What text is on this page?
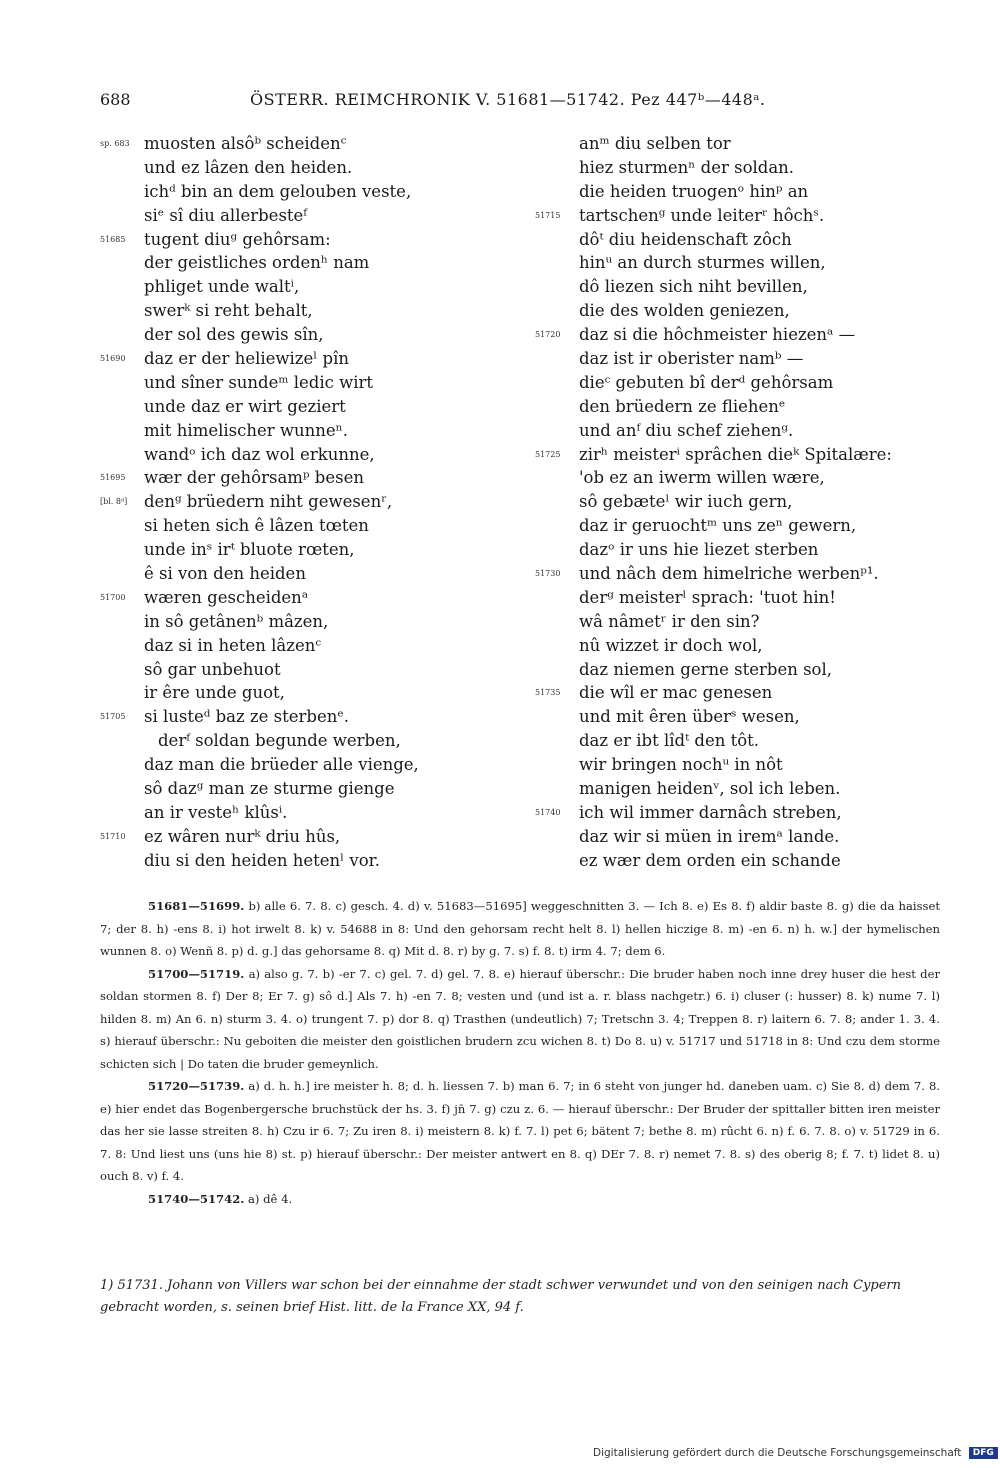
688	ÖSTERR. REIMCHRONIK V. 51681—51742. Pez 447ᵇ—448ᵃ.
sp. 683 muosten alsôᵇ scheidenᶜ
und ez lâzen den heiden.
ichᵈ bin an dem gelouben veste,
siᵉ sî diu allerbesteᶠ
51685	tugent diuᵍ gehôrsam:
der geistliches ordenʰ nam
phliget unde waltⁱ,
swerᵏ si reht behalt,
der sol des gewis sîn,
51690	daz er der heliewizeˡ pîn
und sîner sundeᵐ ledic wirt
unde daz er wirt geziert
mit himelischer wunneⁿ.
wandᵒ ich daz wol erkunne,
51695	wær der gehôrsamᵖ besen
[bl. 8ᵈ]	denᵍ brüedern niht gewesenʳ,
si heten sich ê lâzen tœten
unde inˢ irᵗ bluote rœten,
ê si von den heiden
51700	wæren gescheidenᵃ
in sô getânenᵇ mâzen,
daz si in heten lâzenᶜ
sô gar unbehuot
ir êre unde guot,
51705	si lusteᵈ baz ze sterbenᵉ.
derᶠ soldan begunde werben,
daz man die brüeder alle vienge,
sô dazᵍ man ze sturme gienge
an ir vesteʰ klûsⁱ.
51710	ez wâren nurᵏ driu hûs,
diu si den heiden hetenˡ vor.
anᵐ diu selben tor
hiez sturmenⁿ der soldan.
die heiden truogenᵒ hinᵖ an
51715	tartschenᵍ unde leiterʳ hôchˢ.
dôᵗ diu heidenschaft zôch
hinᵘ an durch sturmes willen,
dô liezen sich niht bevillen,
die des wolden geniezen,
51720	daz si die hôchmeister hiezenᵃ —
daz ist ir oberister namᵇ —
dieᶜ gebuten bî derᵈ gehôrsam
den brüedern ze fliehenᵉ
und anᶠ diu schef ziehenᵍ.
51725	zirʰ meisterⁱ sprâchen dieᵏ Spitalære:
'ob ez an iwerm willen wære,
sô gebæteˡ wir iuch gern,
daz ir geruochtᵐ uns zeⁿ gewern,
dazᵒ ir uns hie liezet sterben
51730	und nâch dem himelriche werbenᵖ¹.
derᵍ meisterˡ sprach: 'tuot hin!
wâ nâmetʳ ir den sin?
nû wizzet ir doch wol,
daz niemen gerne sterben sol,
51735	die wîl er mac genesen
und mit êren überˢ wesen,
daz er ibt lîdᵗ den tôt.
wir bringen nochᵘ in nôt
manigen heidenᵛ, sol ich leben.
51740	ich wil immer darnâch streben,
daz wir si müen in iremᵃ lande.
ez wær dem orden ein schande

51681—51699. b) alle 6. 7. 8. c) gesch. 4. d) v. 51683—51695] weggeschnitten 3. — Ich 8. e) Es 8. f) aldir baste 8. g) die da haisset 7; der 8. h) -ens 8. i) hot irwelt 8. k) v. 54688 in 8: Und den gehorsam recht helt 8. l) hellen hiczige 8. m) -en 6. n) h. w.] der hymelischen wunnen 8. o) Wenñ 8. p) d. g.] das gehorsame 8. q) Mit d. 8. r) by g. 7. s) f. 8. t) irm 4. 7; dem 6.

51700—51719. a) also g. 7. b) -er 7. c) gel. 7. d) gel. 7. 8. e) hierauf überschr.: Die bruder haben noch inne drey huser die hest der soldan stormen 8. f) Der 8; Er 7. g) sô d.] Als 7. h) -en 7. 8; vesten und (und ist a. r. blass nachgetr.) 6. i) cluser (: husser) 8. k) nume 7. l) hilden 8. m) An 6. n) sturm 3. 4. o) trungent 7. p) dor 8. q) Trasthen (undeutlich) 7; Tretschn 3. 4; Treppen 8. r) laitern 6. 7. 8; ander 1. 3. 4. s) hierauf überschr.: Nu geboiten die meister den goistlichen brudern zcu wichen 8. t) Do 8. u) v. 51717 und 51718 in 8: Und czu dem storme schicten sich | Do taten die bruder gemeynlich.

51720—51739. a) d. h. h.] ire meister h. 8; d. h. liessen 7. b) man 6. 7; in 6 steht von junger hd. daneben uam. c) Sie 8. d) dem 7. 8. e) hier endet das Bogenbergersche bruchstück der hs. 3. f) jn̄ 7. g) czu z. 6. — hierauf überschr.: Der Bruder der spittaller bitten iren meister das her sie lasse streiten 8. h) Czu ir 6. 7; Zu iren 8. i) meistern 8. k) f. 7. l) pet 6; bätent 7; bethe 8. m) rûcht 6. n) f. 6. 7. 8. o) v. 51729 in 6. 7. 8: Und liest uns (uns hie 8) st. p) hierauf überschr.: Der meister antwert en 8. q) DEr 7. 8. r) nemet 7. 8. s) des oberig 8; f. 7. t) lidet 8. u) ouch 8. v) f. 4.

51740—51742. a) dê 4.

1) 51731. Johann von Villers war schon bei der einnahme der stadt schwer verwundet und von den seinigen nach Cypern gebracht worden, s. seinen brief Hist. litt. de la France XX, 94 f.
Digitalisierung gefördert durch die Deutsche Forschungsgemeinschaft DFG
